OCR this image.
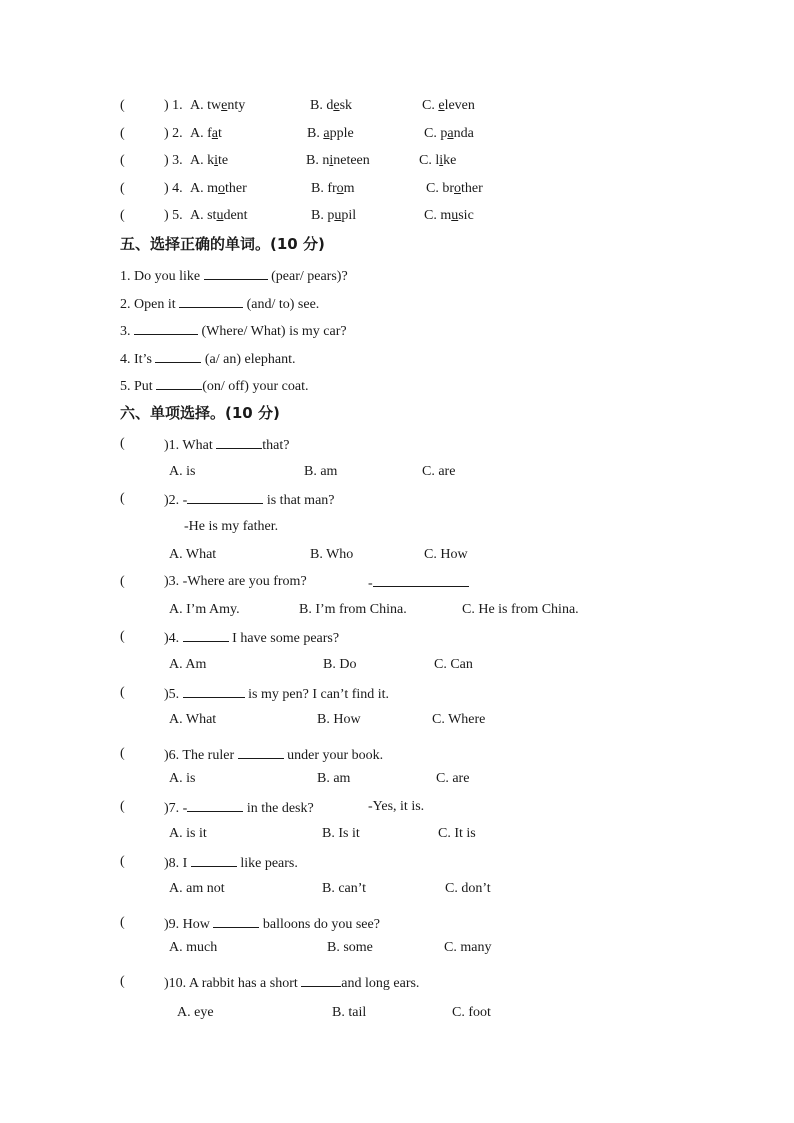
(	) 1. A. twenty	B. desk	C. eleven
(	) 2. A. fat	B. apple	C. panda
(	) 3. A. kite	B. nineteen	C. like
(	) 4. A. mother	B. from	C. brother
(	) 5. A. student	B. pupil	C. music
五、选择正确的单词。(10 分)
1. Do you like	(pear/ pears)?
2. Open it	(and/ to) see.
3.	(Where/ What) is my car?
4. It’s	(a/ an) elephant.
5. Put	(on/ off) your coat.
六、单项选择。(10 分)
(	)1. What	that?
A. is	B. am	C. are
(	)2. -	is that man?
-He is my father.
A. What	B. Who	C. How
(	)3. -Where are you from?	-
A. I’m Amy.	B. I’m from China.	C. He is from China.
(	)4.	I have some pears?
A. Am	B. Do	C. Can
(	)5.	is my pen? I can’t find it.
A. What	B. How	C. Where
(	)6. The ruler	under your book.
A. is	B. am	C. are
(	)7. -	in the desk?	-Yes, it is.
A. is it	B. Is it	C. It is
(	)8. I	like pears.
A. am not	B. can’t	C. don’t
(	)9. How	balloons do you see?
A. much	B. some	C. many
(	)10. A rabbit has a short	and long ears.
A. eye	B. tail	C. foot
